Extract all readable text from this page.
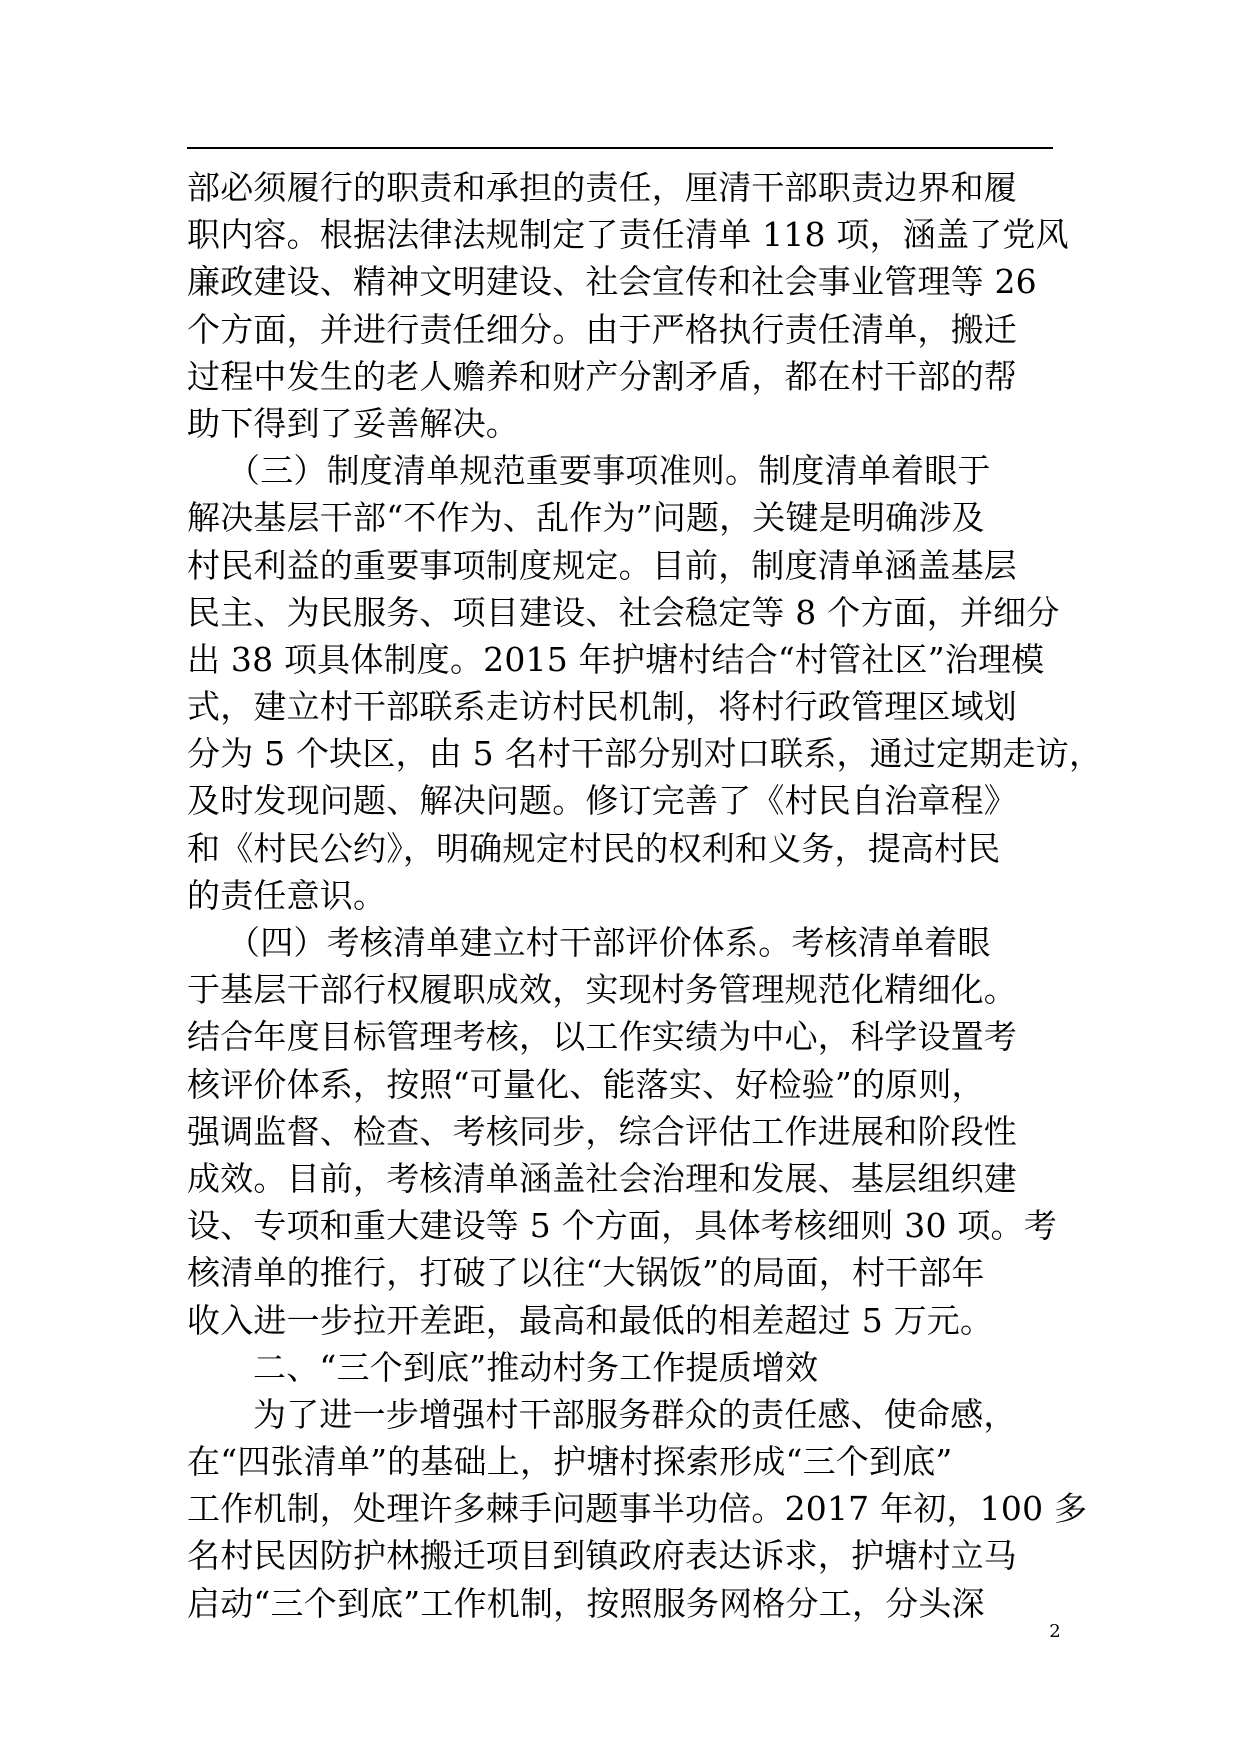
部必须履行的职责和承担的责任，厘清干部职责边界和履
职内容。根据法律法规制定了责任清单 118 项，涵盖了党风
廉政建设、精神文明建设、社会宣传和社会事业管理等 26
个方面，并进行责任细分。由于严格执行责任清单，搬迁
过程中发生的老人赡养和财产分割矛盾，都在村干部的帮
助下得到了妥善解决。
（三）制度清单规范重要事项准则。制度清单着眼于
解决基层干部“不作为、乱作为”问题，关键是明确涉及
村民利益的重要事项制度规定。目前，制度清单涵盖基层
民主、为民服务、项目建设、社会稳定等 8 个方面，并细分
出 38 项具体制度。2015 年护塘村结合“村管社区”治理模
式，建立村干部联系走访村民机制，将村行政管理区域划
分为 5 个块区，由 5 名村干部分别对口联系，通过定期走访，
及时发现问题、解决问题。修订完善了《村民自治章程》
和《村民公约》，明确规定村民的权利和义务，提高村民
的责任意识。
（四）考核清单建立村干部评价体系。考核清单着眼
于基层干部行权履职成效，实现村务管理规范化精细化。
结合年度目标管理考核，以工作实绩为中心，科学设置考
核评价体系，按照“可量化、能落实、好检验”的原则，
强调监督、检查、考核同步，综合评估工作进展和阶段性
成效。目前，考核清单涵盖社会治理和发展、基层组织建
设、专项和重大建设等 5 个方面，具体考核细则 30 项。考
核清单的推行，打破了以往“大锅饭”的局面，村干部年
收入进一步拉开差距，最高和最低的相差超过 5 万元。
二、“三个到底”推动村务工作提质增效
为了进一步增强村干部服务群众的责任感、使命感，
在“四张清单”的基础上，护塘村探索形成“三个到底”
工作机制，处理许多棘手问题事半功倍。2017 年初，100 多
名村民因防护林搬迁项目到镇政府表达诉求，护塘村立马
启动“三个到底”工作机制，按照服务网格分工，分头深
2
